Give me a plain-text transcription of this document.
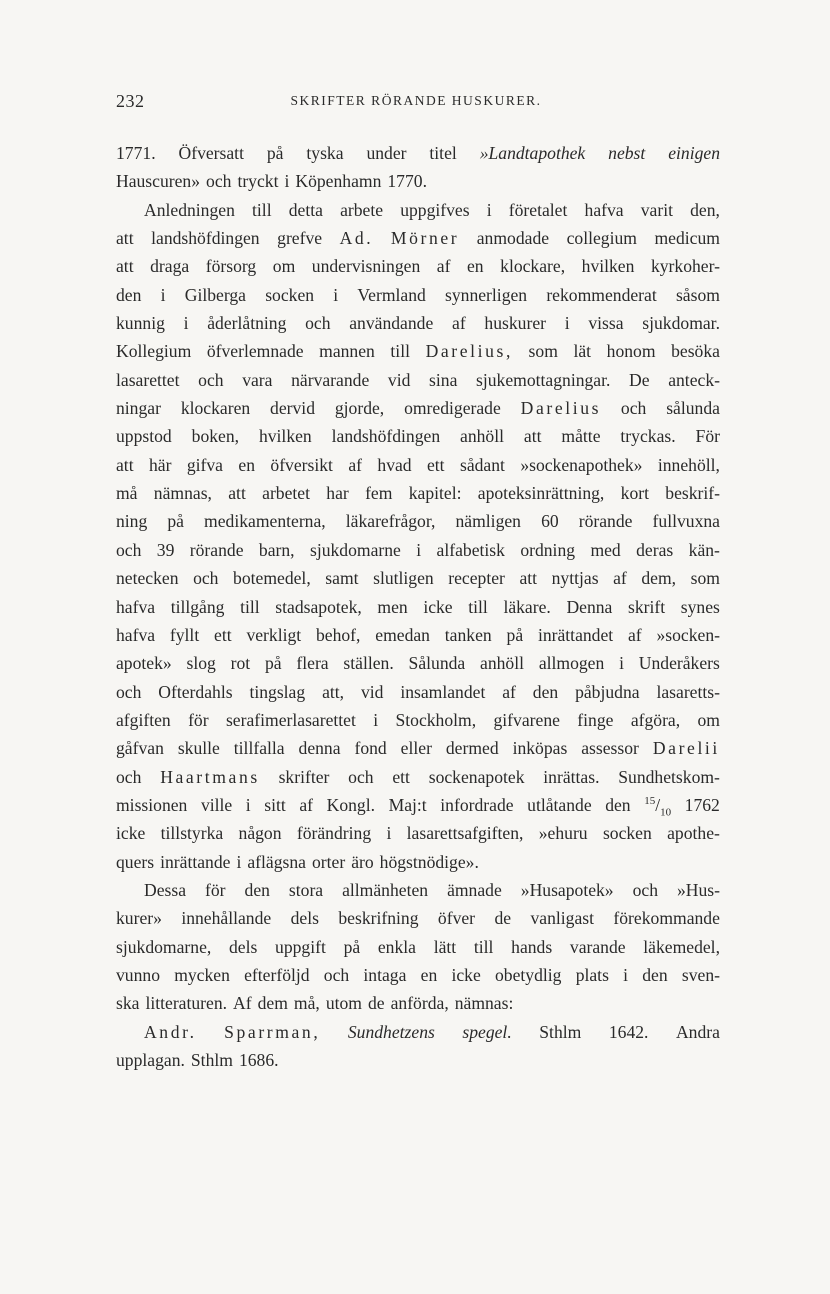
232	SKRIFTER RÖRANDE HUSKURER.
1771. Öfversatt på tyska under titel »Landtapothek nebst einigen
Hauscuren» och tryckt i Köpenhamn 1770.
Anledningen till detta arbete uppgifves i företalet hafva varit den,
att landshöfdingen grefve Ad. Mörner anmodade collegium medicum
att draga försorg om undervisningen af en klockare, hvilken kyrkoher-
den i Gilberga socken i Vermland synnerligen rekommenderat såsom
kunnig i åderlåtning och användande af huskurer i vissa sjukdomar.
Kollegium öfverlemnade mannen till Darelius, som lät honom besöka
lasarettet och vara närvarande vid sina sjukemottagningar. De anteck-
ningar klockaren dervid gjorde, omredigerade Darelius och sålunda
uppstod boken, hvilken landshöfdingen anhöll att måtte tryckas. För
att här gifva en öfversikt af hvad ett sådant »sockenapothek» innehöll,
må nämnas, att arbetet har fem kapitel: apoteksinrättning, kort beskrif-
ning på medikamenterna, läkarefrågor, nämligen 60 rörande fullvuxna
och 39 rörande barn, sjukdomarne i alfabetisk ordning med deras kän-
netecken och botemedel, samt slutligen recepter att nyttjas af dem, som
hafva tillgång till stadsapotek, men icke till läkare. Denna skrift synes
hafva fyllt ett verkligt behof, emedan tanken på inrättandet af »socken-
apotek» slog rot på flera ställen. Sålunda anhöll allmogen i Underåkers
och Ofterdahls tingslag att, vid insamlandet af den påbjudna lasaretts-
afgiften för serafimerlasarettet i Stockholm, gifvarene finge afgöra, om
gåfvan skulle tillfalla denna fond eller dermed inköpas assessor Darelii
och Haartmans skrifter och ett sockenapotek inrättas. Sundhetskom-
missionen ville i sitt af Kongl. Maj:t infordrade utlåtande den $^{15}/_{10}$ 1762
icke tillstyrka någon förändring i lasarettsafgiften, »ehuru socken apothe-
quers inrättande i aflägsna orter äro högstnödige».
Dessa för den stora allmänheten ämnade »Husapotek» och »Hus-
kurer» innehållande dels beskrifning öfver de vanligast förekommande
sjukdomarne, dels uppgift på enkla lätt till hands varande läkemedel,
vunno mycken efterföljd och intaga en icke obetydlig plats i den sven-
ska litteraturen. Af dem må, utom de anförda, nämnas:
Andr. Sparrman, Sundhetzens spegel. Sthlm 1642. Andra
upplagan. Sthlm 1686.
